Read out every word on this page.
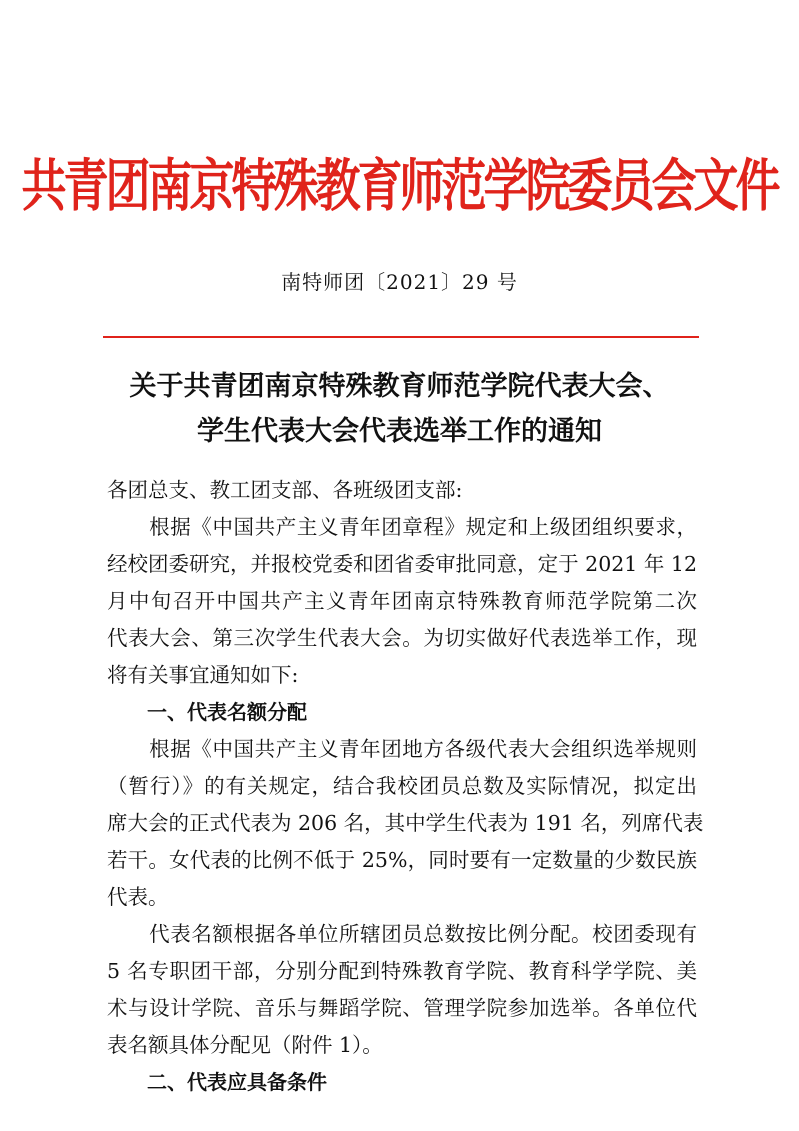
共青团南京特殊教育师范学院委员会文件
南特师团〔2021〕29 号
关于共青团南京特殊教育师范学院代表大会、
学生代表大会代表选举工作的通知
各团总支、教工团支部、各班级团支部:
　　根据《中国共产主义青年团章程》规定和上级团组织要求，
经校团委研究，并报校党委和团省委审批同意，定于 2021 年 12
月中旬召开中国共产主义青年团南京特殊教育师范学院第二次
代表大会、第三次学生代表大会。为切实做好代表选举工作，现
将有关事宜通知如下:
　　一、代表名额分配
　　根据《中国共产主义青年团地方各级代表大会组织选举规则
（暂行）》的有关规定，结合我校团员总数及实际情况，拟定出
席大会的正式代表为 206 名，其中学生代表为 191 名，列席代表
若干。女代表的比例不低于 25%，同时要有一定数量的少数民族
代表。
　　代表名额根据各单位所辖团员总数按比例分配。校团委现有
5 名专职团干部，分别分配到特殊教育学院、教育科学学院、美
术与设计学院、音乐与舞蹈学院、管理学院参加选举。各单位代
表名额具体分配见（附件 1）。
　　二、代表应具备条件
